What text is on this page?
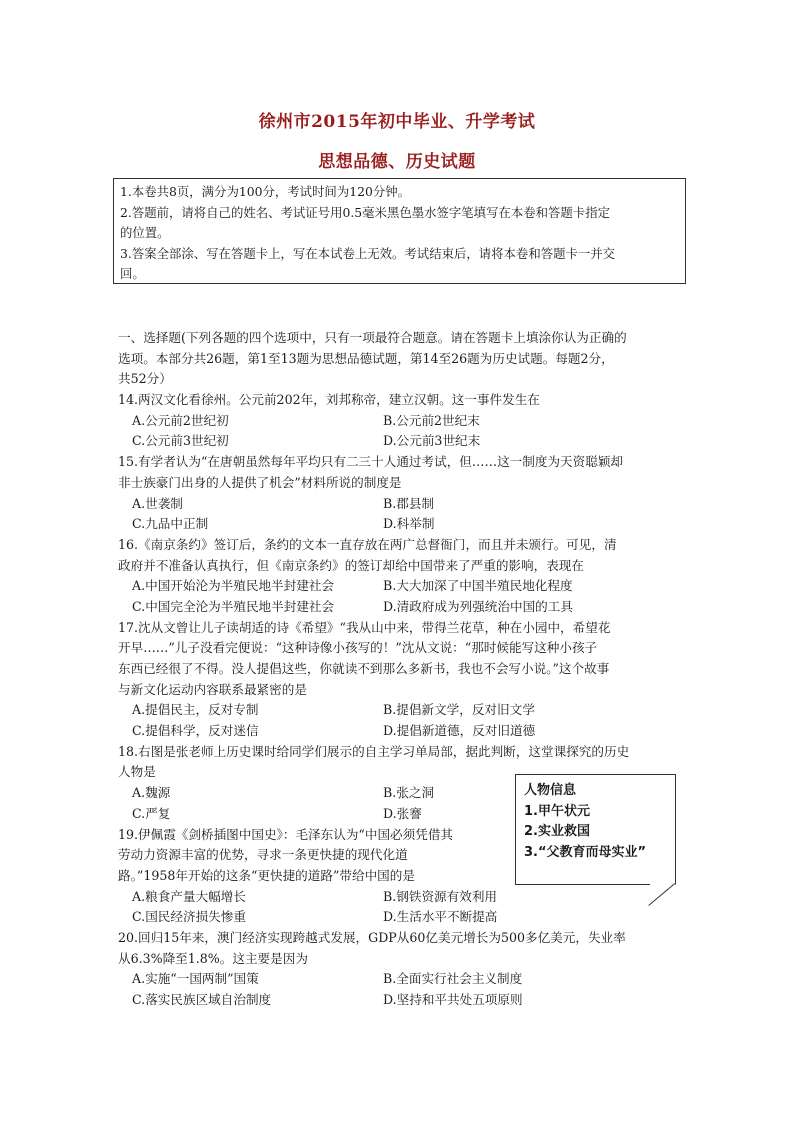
徐州市2015年初中毕业、升学考试
思想品德、历史试题
1.本卷共8页，满分为100分，考试时间为120分钟。
2.答题前，请将自己的姓名、考试证号用0.5毫米黑色墨水签字笔填写在本卷和答题卡指定
的位置。
3.答案全部涂、写在答题卡上，写在本试卷上无效。考试结束后，请将本卷和答题卡一并交
回。
一、选择题(下列各题的四个选项中，只有一项最符合题意。请在答题卡上填涂你认为正确的
选项。本部分共26题，第1至13题为思想品德试题，第14至26题为历史试题。每题2分，
共52分）
14.两汉文化看徐州。公元前202年，刘邦称帝，建立汉朝。这一事件发生在
A.公元前2世纪初	B.公元前2世纪末
C.公元前3世纪初	D.公元前3世纪末
15.有学者认为“在唐朝虽然每年平均只有二三十人通过考试，但……这一制度为天资聪颖却
非士族豪门出身的人提供了机会”材料所说的制度是
A.世袭制	B.郡县制
C.九品中正制	D.科举制
16.《南京条约》签订后，条约的文本一直存放在两广总督衙门，而且并未颁行。可见，清
政府并不准备认真执行，但《南京条约》的签订却给中国带来了严重的影响，表现在
A.中国开始沦为半殖民地半封建社会	B.大大加深了中国半殖民地化程度
C.中国完全沦为半殖民地半封建社会	D.清政府成为列强统治中国的工具
17.沈从文曾让儿子读胡适的诗《希望》“我从山中来，带得兰花草，种在小园中，希望花
开早……”儿子没看完便说：“这种诗像小孩写的！”沈从文说：“那时候能写这种小孩子
东西已经很了不得。没人提倡这些，你就读不到那么多新书，我也不会写小说。”这个故事
与新文化运动内容联系最紧密的是
A.提倡民主，反对专制	B.提倡新文学，反对旧文学
C.提倡科学，反对迷信	D.提倡新道德，反对旧道德
18.右图是张老师上历史课时给同学们展示的自主学习单局部，据此判断，这堂课探究的历史
人物是
A.魏源	B.张之洞
C.严复	D.张謇
19.伊佩霞《剑桥插图中国史》：毛泽东认为“中国必须凭借其
劳动力资源丰富的优势，寻求一条更快捷的现代化道
路。”1958年开始的这条“更快捷的道路”带给中国的是
A.粮食产量大幅增长	B.钢铁资源有效利用
C.国民经济损失惨重	D.生活水平不断提高
20.回归15年来，澳门经济实现跨越式发展，GDP从60亿美元增长为500多亿美元，失业率
从6.3%降至1.8%。这主要是因为
A.实施“一国两制”国策	B.全面实行社会主义制度
C.落实民族区域自治制度	D.坚持和平共处五项原则
人物信息
1.甲午状元
2.实业救国
3.“父教育而母实业”
